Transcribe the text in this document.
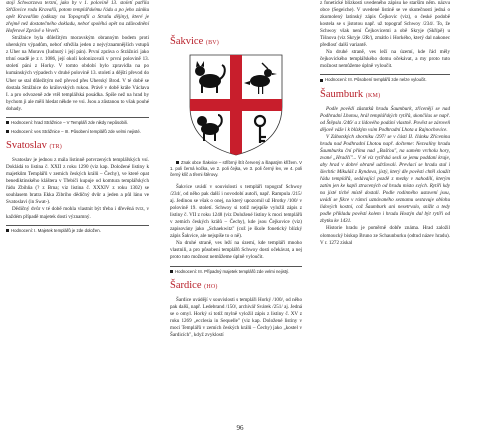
stojí Schwarzova terzní, jako by v 1. polovině 13. století patřila Střížovice rodu Kravařů, potom templářskému řádu a po jeho zániku opět Kravařům (odkazy na Topografii a Straňu dějiny), které je zřejmě než dostatečného dokladu, neboť spoléhá opět na zdůvodnění Hoferové Zprávě o Veveří.

Strážnice byla důležitým moravským obranným bodem proti uherským výpadům, neboť střežila jeden z nejvýznamnějších vstupů z Uher na Moravu (Iudnutý i její pán). První zpráva o Strážnici jako trhní osadě je z r. 1086, její okolí kolonizovali v první polovině 13. století páni z Horky. V tomto období bylo zpravidla na po kumánských výpadech v druhé polovině 13. století a dějští převod do Uher se stal důležitým než převod přes Uherský Brod. V té době se dostala Strážnice do královských rukou. Právě v době krále Václava I. a pro odvozeně zde vtěl templářská posádka. Spíše než na hrad by bychom ji ale měli hledat někde ve vsi. Jsou a zůstanou to však pouhé dohady.

Hodnocení: hrad Strážnice – V Templáři zde nikdy nepůsobili.

Hodnocení: ves Strážnice – III. Působení templářů zde velmi nejisté.

Svatoslav (TR)

Svatoslav je jednou z mála listinně potvrzených templářských vsí. Dokládá to listina č. XXII z roku 1290 (viz kap. Doložené listiny k majetkům Templářů v zemích českých králů – Čechy), ve které opat benediktinského kláštera v Třebíči kupuje od komtura templářských řádu Zbihňa (? z Brna; viz listina č. XXXIV z roku 1302) se souhlasem bratra Ekka Zibrího dědičný dvůr a jeden a půl lánu ve Svatoslavi (in Swat-).

Dědičný dvůr v té době mohla vlastnit být třeba i dřevěná tvrz, v každém případě majetek dosti významný.

Hodnocení: I. Majetek templářů je zde doložen.

Šakvice (BV)

Znak obce Šakvice – stříbrný štít červený a šlapatým křížem. V 1. poli černá kočka, ve 2. poli čejka, ve 3. poli černý lev, ve 4. poli černý klíč a třemi štěrovy.

Šakvice uvádí v souvislosti s templáři topograf Schwoy /234/, od něho pak další i novodobí autoři, např. Rampula /215/ aj. Jedinou se však o onej, na který upozornil už Hrotky /100/ v polovině 19. století. Schwoy si totiž nejspíše vyložil zápis z listiny č. VII z roku 1248 (viz Doložené listiny k moci templářů v zemích českých králů – Čechy), kde jsou Čejkovice (viz) zapisovány jako „Schaekwitz" (což je škole fonetický blízký zápis Šakvice, ale nejspíše to o ně).

Na druhé straně, ves leží na území, kde templáři mnoho vlastnili, a pro působení templářů Schwoy dosti očekávat, a nej proto tuto možnost nemůžeme úplně vyloučit.

Hodnocení: III. Případný majetek templářů zde velmi nejistý.

Šardice (HO)

Šardice uvádějí v souvislosti s templáři Horký /100/, od něho pak další, např. Ledebrand /150/, archivář Svárek /251/ aj. Jedná se o omyl. Horký si totiž mylně vyložil zápis z listiny č. XV z roku 1269 „ecclesia in Sequelle" (viz kap. Doložené listiny v moci Templářů v zemích českých králů – Čechy) jako „kostel v Šardicích", když zvyklostí

z fonetické blízkosti uvedeného zápisu ke starším něm. názvu obce (Segeiche). V uvedené listině se ve skutečnosti jedná o zkomolený latinský zápis Čejkovic (viz), o české podobě kostela se s jistotou např. už topograf Schwoy /234/. To, že Schwoy však není Čejkovicemi a obě Skryje (Skřípě) u Tišnova (viz Skryje /2R/), zmátlo i Horkého, který dal nakonec předlosť další variantě.

Na druhé straně, ves leží na území, kde řád měly čejkovického templářského domu očekávat, a my proto tuto možnost nemůžeme úplně vyloučit.

Hodnocení: III. Působení templářů zde nelze vyloučit.

Šaumburk (KM)

Podle povědí zůstatků hradu Šaumburk, zřícenějí se nad Podhradní Lhotou, hrál templářských rytířů, skončilas se např. od Štěpsla /246/ a z lidového podání vlastně. Pověst se zároveň dějově váže i k blízkým vsím Podhradní Lhota a Rajnochovice.

V Záhotských sborníku /297/ se v části II. článku Zřícenina hradu nad Podhradní Lhotou např. dočteme: Nezvalíny hradu Šaumburku ční příma nad „Bašťou", na samém vrcholu hory, zvané „Hradčí"... V té víz rytířská sesli se jemu poddaní kraje, aby hrad v dobré obraně udržovali. Prevlací se hradu stal i šlechtic Mikuláš z Ryndova, jistý, který dle pověsti chtěl sloužit řádu templářů, sedávající pozdě z mezky v nahodilí, kterým zatím jen ke kapli ztracených od hradu místo svých. Rytíři kdy na jisté tiché místě dostali. Podle rodinného ustavení jsou, uvádí se fikce v rámci uznávaného seznamu sestavuje oblohu lidových kostní, což Šaumburk ani nesetrvalo, snížit a tedy podle příkladu pověstí kolem i hradu Hostýn dal být rytíři od zbytku ke 1431.

Historie hradu je poměrně dobře známa. Hrad založil olomoucký biskup Bruno ze Schaunburku (odtud název hradu). V r. 1272 získal

96
